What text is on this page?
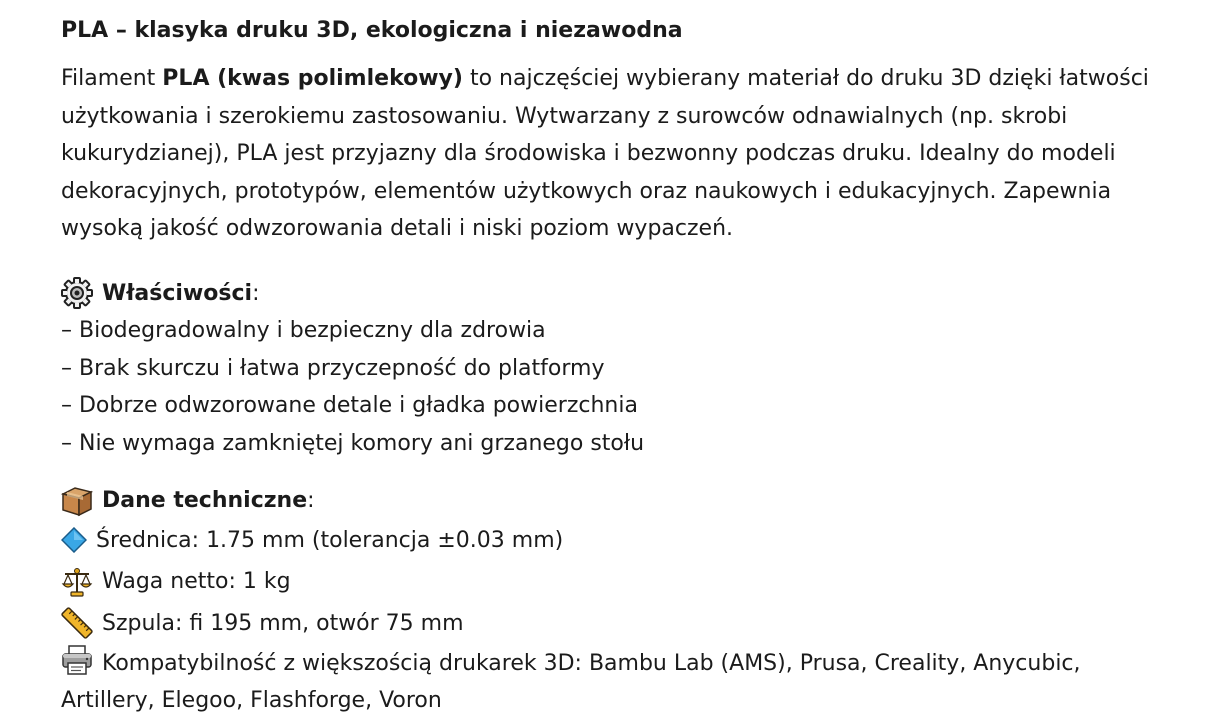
PLA – klasyka druku 3D, ekologiczna i niezawodna

Filament PLA (kwas polimlekowy) to najczęściej wybierany materiał do druku 3D dzięki łatwości użytkowania i szerokiemu zastosowaniu. Wytwarzany z surowców odnawialnych (np. skrobi kukurydzianej), PLA jest przyjazny dla środowiska i bezwonny podczas druku. Idealny do modeli dekoracyjnych, prototypów, elementów użytkowych oraz naukowych i edukacyjnych. Zapewnia wysoką jakość odwzorowania detali i niski poziom wypaczeń.

Właściwości :
– Biodegradowalny i bezpieczny dla zdrowia
– Brak skurczu i łatwa przyczepność do platformy
– Dobrze odwzorowane detale i gładka powierzchnia
– Nie wymaga zamkniętej komory ani grzanego stołu
Dane techniczne :
Średnica: 1.75 mm (tolerancja ±0.03 mm)
Waga netto: 1 kg
Szpula: fi 195 mm, otwór 75 mm
Kompatybilność z większością drukarek 3D: Bambu Lab (AMS), Prusa, Creality, Anycubic, Artillery, Elegoo, Flashforge, Voron
